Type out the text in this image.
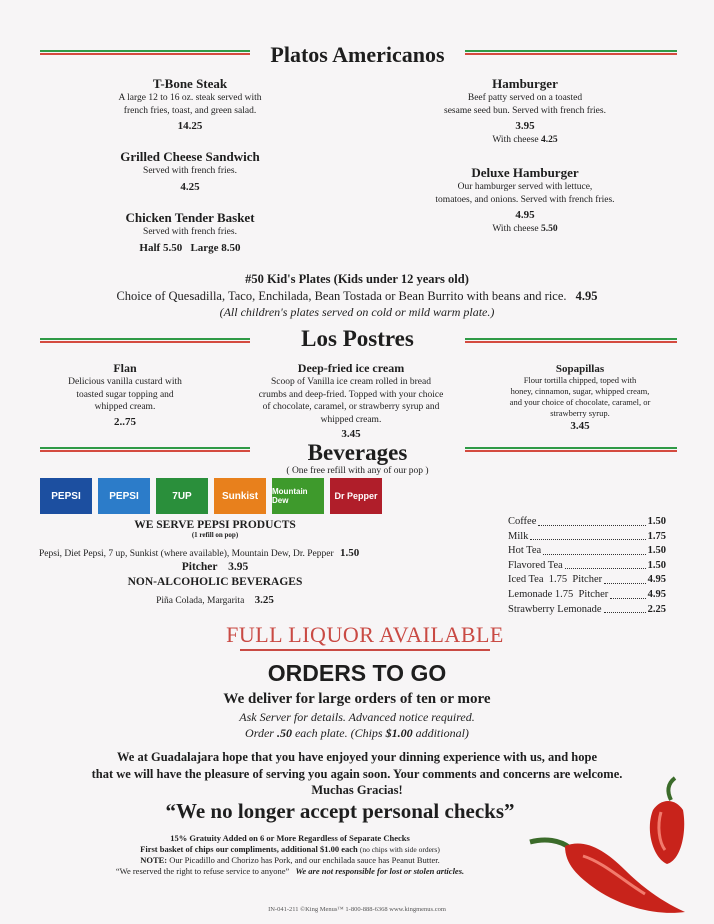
Platos Americanos
T-Bone Steak
A large 12 to 16 oz. steak served with
french fries, toast, and green salad.
14.25
Grilled Cheese Sandwich
Served with french fries.
4.25
Chicken Tender Basket
Served with french fries.
Half 5.50   Large 8.50
Hamburger
Beef patty served on a toasted
sesame seed bun. Served with french fries.
3.95
With cheese 4.25
Deluxe Hamburger
Our hamburger served with lettuce,
tomatoes, and onions. Served with french fries.
4.95
With cheese 5.50
#50 Kid's Plates (Kids under 12 years old)
Choice of Quesadilla, Taco, Enchilada, Bean Tostada or Bean Burrito with beans and rice. 4.95
(All children's plates served on cold or mild warm plate.)
Los Postres
Flan
Delicious vanilla custard with
toasted sugar topping and
whipped cream.
2..75
Deep-fried ice cream
Scoop of Vanilla ice cream rolled in bread
crumbs and deep-fried. Topped with your choice
of chocolate, caramel, or strawberry syrup and
whipped cream.
3.45
Sopapillas
Flour tortilla chipped, toped with
honey, cinnamon, sugar, whipped cream,
and your choice of chocolate, caramel, or
strawberry syrup.
3.45
Beverages
( One free refill with any of our pop )
PEPSI	PEPSI	7UP	Sunkist Mountain Dew	Dr Pepper
WE SERVE PEPSI PRODUCTS
(1 refill on pop)
Pepsi, Diet Pepsi, 7 up, Sunkist (where available), Mountain Dew, Dr. Pepper 1.50
Pitcher 3.95
NON-ALCOHOLIC BEVERAGES
Piña Colada, Margarita 3.25
Coffee	1.50
Milk	1.75
Hot Tea	1.50
Flavored Tea	1.50
Iced Tea  1.75  Pitcher	4.95
Lemonade 1.75  Pitcher	4.95
Strawberry Lemonade	2.25
FULL LIQUOR AVAILABLE
ORDERS TO GO
We deliver for large orders of ten or more
Ask Server for details. Advanced notice required.
Order .50 each plate. (Chips $1.00 additional)
We at Guadalajara hope that you have enjoyed your dinning experience with us, and hope
that we will have the pleasure of serving you again soon. Your comments and concerns are welcome.
Muchas Gracias!
“We no longer accept personal checks”
15% Gratuity Added on 6 or More Regardless of Separate Checks
First basket of chips our compliments, additional $1.00 each (no chips with side orders)
NOTE: Our Picadillo and Chorizo has Pork, and our enchilada sauce has Peanut Butter.
“We reserved the right to refuse service to anyone” We are not responsible for lost or stolen articles.
IN-041-211 ©King Menus™ 1-800-888-6368 www.kingmenus.com
